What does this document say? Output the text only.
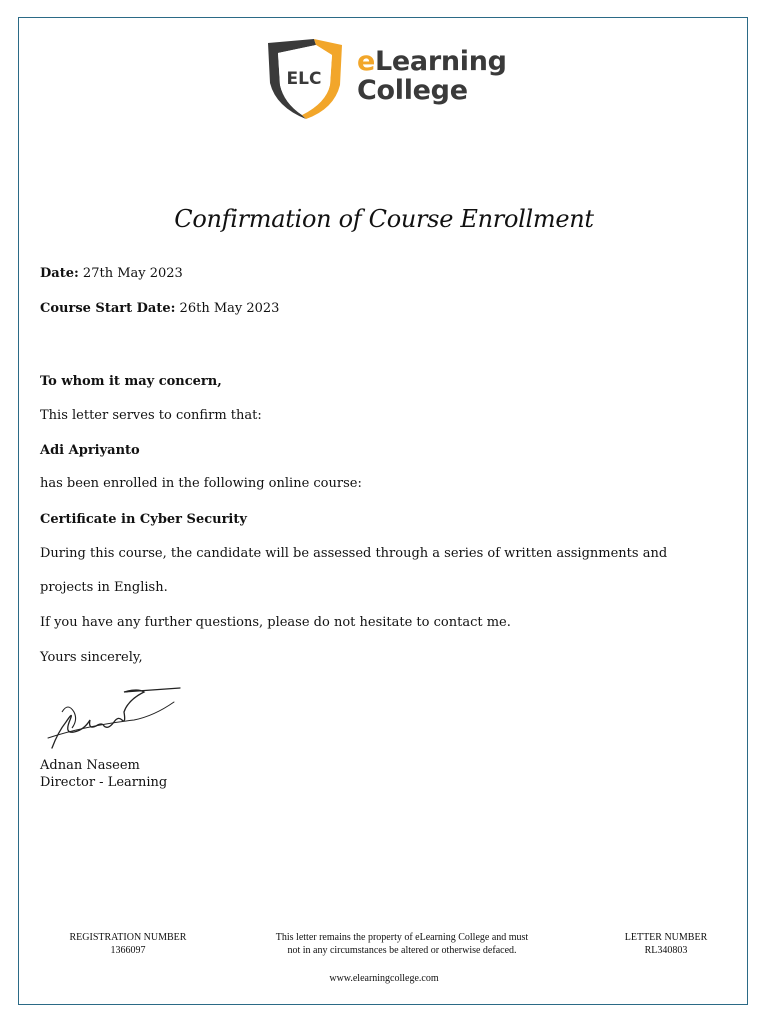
ELC
eLearning
College
Confirmation of Course Enrollment
Date: 27th May 2023
Course Start Date: 26th May 2023
To whom it may concern,
This letter serves to confirm that:
Adi Apriyanto
has been enrolled in the following online course:
Certificate in Cyber Security
During this course, the candidate will be assessed through a series of written assignments and
projects in English.
If you have any further questions, please do not hesitate to contact me.
Yours sincerely,
Adnan Naseem
Director - Learning
REGISTRATION NUMBER
1366097
This letter remains the property of eLearning College and must
not in any circumstances be altered or otherwise defaced.
LETTER NUMBER
RL340803
www.elearningcollege.com
